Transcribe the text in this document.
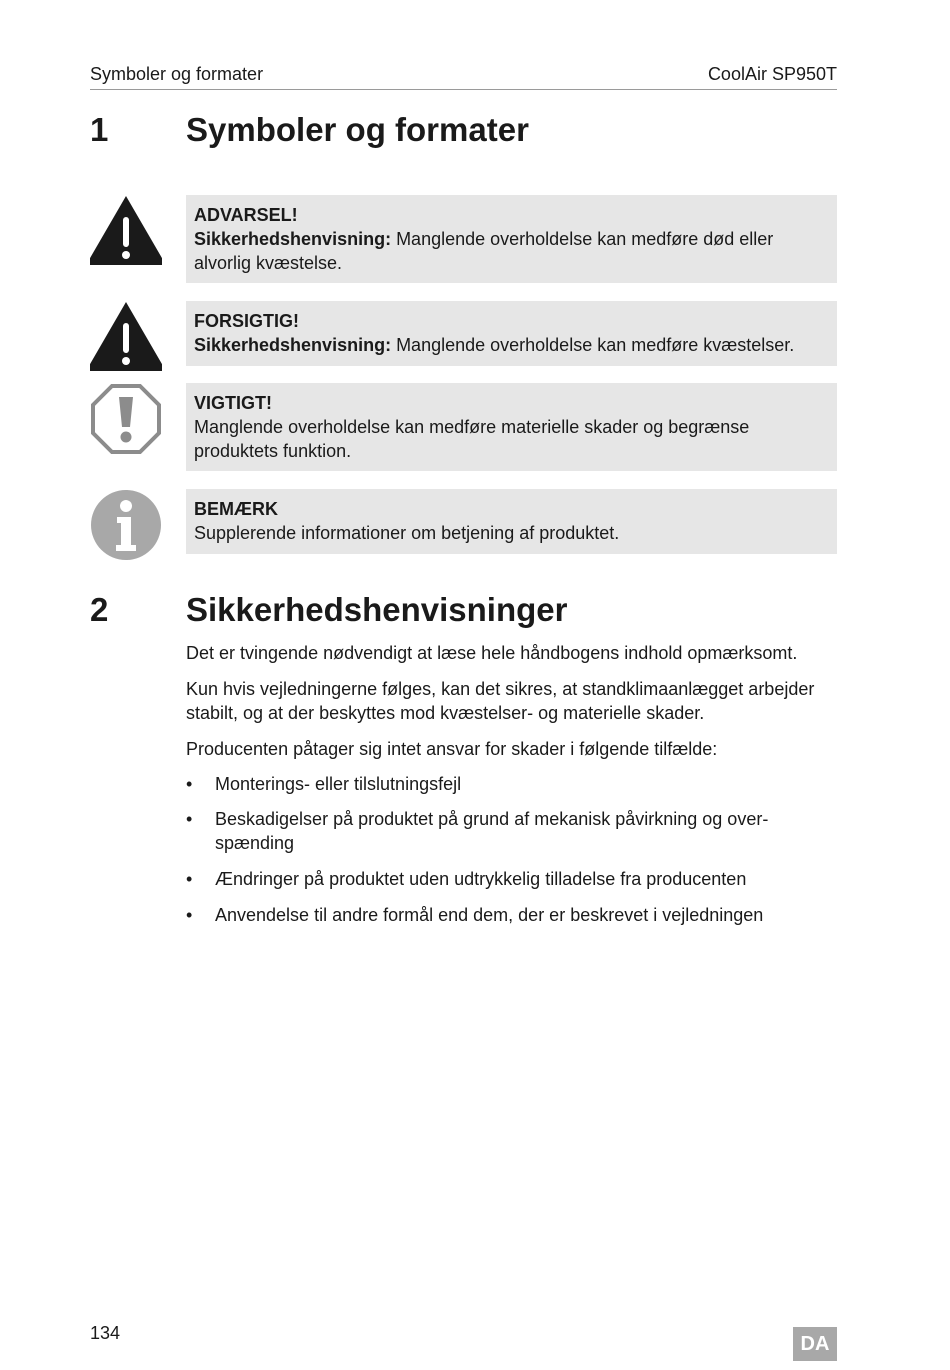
Symboler og formater	CoolAir SP950T
1 Symboler og formater
ADVARSEL!
Sikkerhedshenvisning: Manglende overholdelse kan medføre død eller alvorlig kvæstelse.
FORSIGTIG!
Sikkerhedshenvisning: Manglende overholdelse kan medføre kvæstelser.
VIGTIGT!
Manglende overholdelse kan medføre materielle skader og begrænse produktets funktion.
BEMÆRK
Supplerende informationer om betjening af produktet.
2 Sikkerhedshenvisninger
Det er tvingende nødvendigt at læse hele håndbogens indhold opmærksomt.
Kun hvis vejledningerne følges, kan det sikres, at standklimaanlægget arbejder stabilt, og at der beskyttes mod kvæstelser- og materielle skader.
Producenten påtager sig intet ansvar for skader i følgende tilfælde:
• Monterings- eller tilslutningsfejl
• Beskadigelser på produktet på grund af mekanisk påvirkning og over-spænding
• Ændringer på produktet uden udtrykkelig tilladelse fra producenten
• Anvendelse til andre formål end dem, der er beskrevet i vejledningen
134	DA
